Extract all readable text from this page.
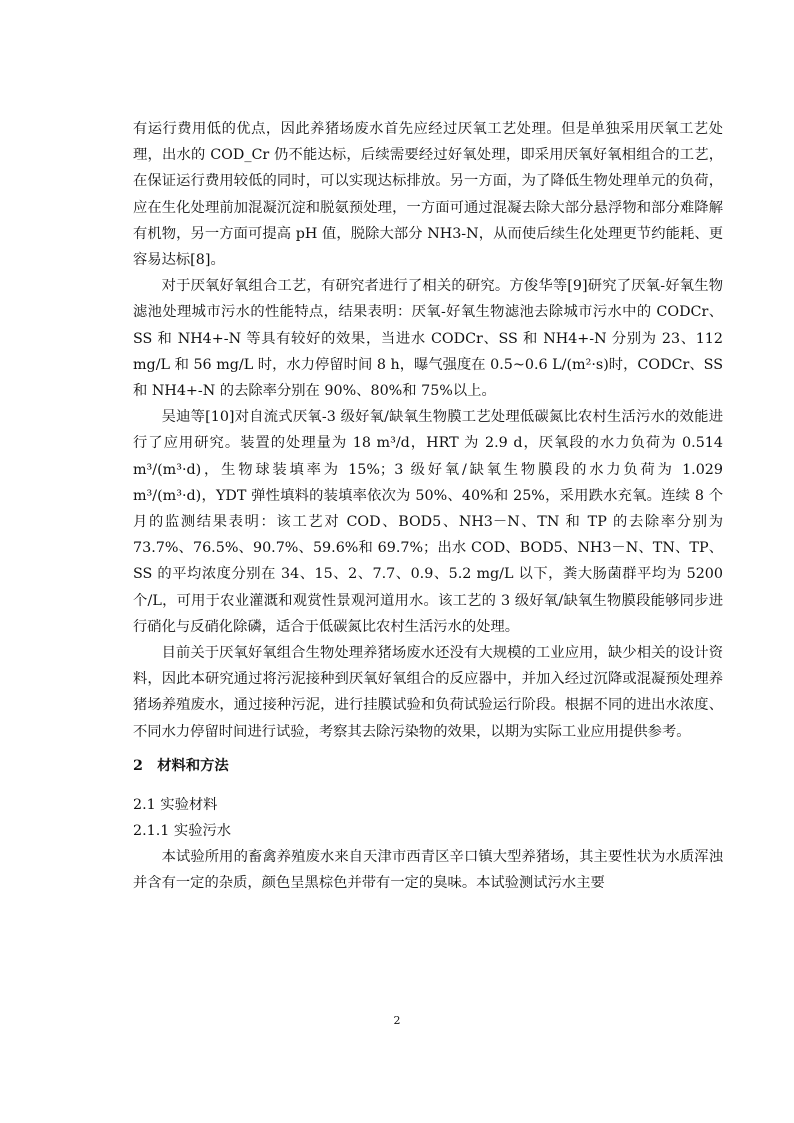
有运行费用低的优点，因此养猪场废水首先应经过厌氧工艺处理。但是单独采用厌氧工艺处理，出水的 COD_Cr 仍不能达标，后续需要经过好氧处理，即采用厌氧好氧相组合的工艺，在保证运行费用较低的同时，可以实现达标排放。另一方面，为了降低生物处理单元的负荷，应在生化处理前加混凝沉淀和脱氨预处理，一方面可通过混凝去除大部分悬浮物和部分难降解有机物，另一方面可提高 pH 值，脱除大部分 NH3-N，从而使后续生化处理更节约能耗、更容易达标[8]。

对于厌氧好氧组合工艺，有研究者进行了相关的研究。方俊华等[9]研究了厌氧-好氧生物滤池处理城市污水的性能特点，结果表明：厌氧-好氧生物滤池去除城市污水中的 CODCr、SS 和 NH4+-N 等具有较好的效果，当进水 CODCr、SS 和 NH4+-N 分别为 23、112 mg/L 和 56 mg/L 时，水力停留时间 8 h，曝气强度在 0.5~0.6 L/(m²·s)时，CODCr、SS 和 NH4+-N 的去除率分别在 90%、80%和 75%以上。

吴迪等[10]对自流式厌氧-3 级好氧/缺氧生物膜工艺处理低碳氮比农村生活污水的效能进行了应用研究。装置的处理量为 18 m³/d，HRT 为 2.9 d，厌氧段的水力负荷为 0.514 m³/(m³·d)，生物球装填率为 15%；3 级好氧/缺氧生物膜段的水力负荷为 1.029 m³/(m³·d)，YDT 弹性填料的装填率依次为 50%、40%和 25%，采用跌水充氧。连续 8 个月的监测结果表明：该工艺对 COD、BOD5、NH3－N、TN 和 TP 的去除率分别为 73.7%、76.5%、90.7%、59.6%和 69.7%；出水 COD、BOD5、NH3－N、TN、TP、SS 的平均浓度分别在 34、15、2、7.7、0.9、5.2 mg/L 以下，粪大肠菌群平均为 5200 个/L，可用于农业灌溉和观赏性景观河道用水。该工艺的 3 级好氧/缺氧生物膜段能够同步进行硝化与反硝化除磷，适合于低碳氮比农村生活污水的处理。

目前关于厌氧好氧组合生物处理养猪场废水还没有大规模的工业应用，缺少相关的设计资料，因此本研究通过将污泥接种到厌氧好氧组合的反应器中，并加入经过沉降或混凝预处理养猪场养殖废水，通过接种污泥，进行挂膜试验和负荷试验运行阶段。根据不同的进出水浓度、不同水力停留时间进行试验，考察其去除污染物的效果，以期为实际工业应用提供参考。

2　材料和方法

2.1 实验材料

2.1.1 实验污水

本试验所用的畜禽养殖废水来自天津市西青区辛口镇大型养猪场，其主要性状为水质浑浊并含有一定的杂质，颜色呈黑棕色并带有一定的臭味。本试验测试污水主要

2
